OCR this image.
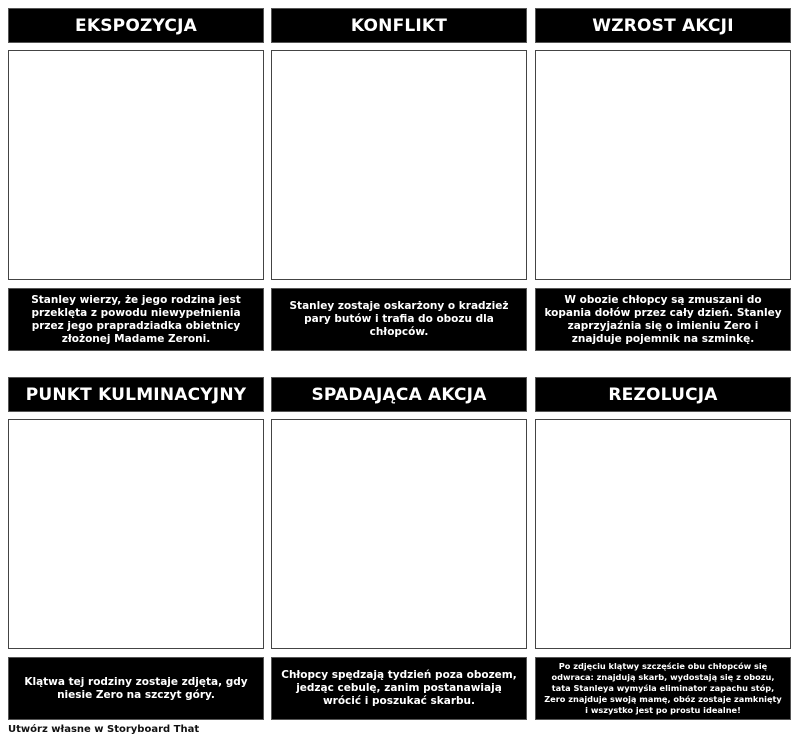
EKSPOZYCJA
Stanley wierzy, że jego rodzina jest przeklęta z powodu niewypełnienia przez jego prapradziadka obietnicy złożonej Madame Zeroni.
KONFLIKT
Stanley zostaje oskarżony o kradzież pary butów i trafia do obozu dla chłopców.
WZROST AKCJI
W obozie chłopcy są zmuszani do kopania dołów przez cały dzień. Stanley zaprzyjaźnia się o imieniu Zero i znajduje pojemnik na szminkę.
PUNKT KULMINACYJNY
Klątwa tej rodziny zostaje zdjęta, gdy niesie Zero na szczyt góry.
SPADAJĄCA AKCJA
Chłopcy spędzają tydzień poza obozem, jedząc cebulę, zanim postanawiają wrócić i poszukać skarbu.
REZOLUCJA
Po zdjęciu klątwy szczęście obu chłopców się odwraca: znajdują skarb, wydostają się z obozu, tata Stanleya wymyśla eliminator zapachu stóp, Zero znajduje swoją mamę, obóz zostaje zamknięty i wszystko jest po prostu idealne!
Utwórz własne w Storyboard That
